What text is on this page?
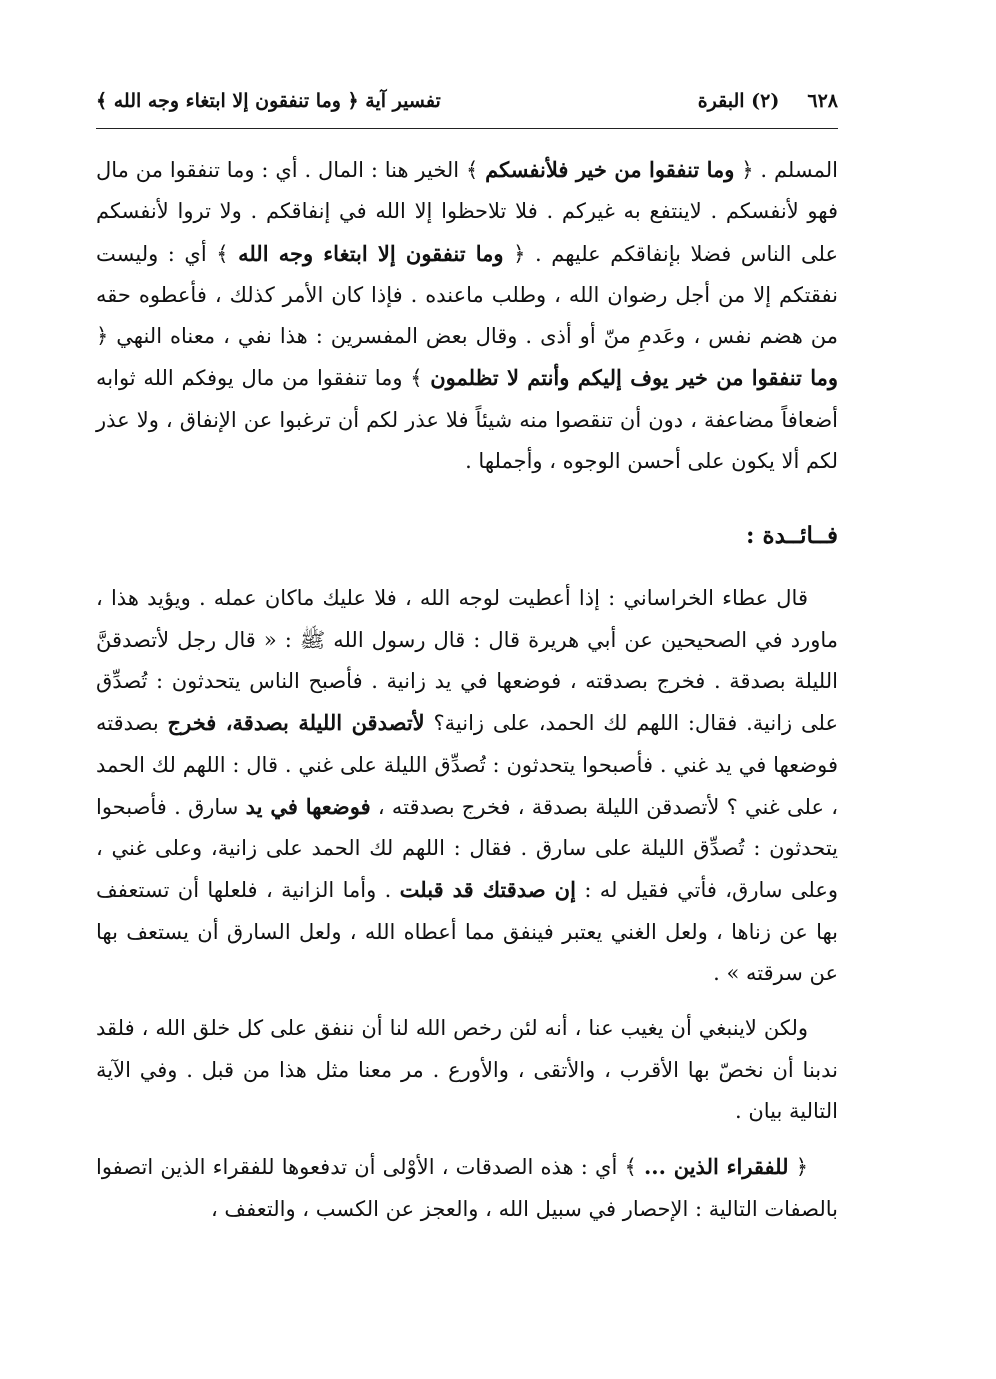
٦٢٨
(٢) البقرة
تفسير آية ﴿ وما تنفقون إلا ابتغاء وجه الله ﴾

المسلم . ﴿ وما تنفقوا من خير فلأنفسكم ﴾ الخير هنا : المال . أي : وما تنفقوا من مال فهو لأنفسكم . لاينتفع به غيركم . فلا تلاحظوا إلا الله في إنفاقكم . ولا تروا لأنفسكم على الناس فضلا بإنفاقكم عليهم . ﴿ وما تنفقون إلا ابتغاء وجه الله ﴾ أي : وليست نفقتكم إلا من أجل رضوان الله ، وطلب ماعنده . فإذا كان الأمر كذلك ، فأعطوه حقه من هضم نفس ، وعَدمِ منّ أو أذى . وقال بعض المفسرين : هذا نفي ، معناه النهي ﴿ وما تنفقوا من خير يوف إليكم وأنتم لا تظلمون ﴾ وما تنفقوا من مال يوفكم الله ثوابه أضعافاً مضاعفة ، دون أن تنقصوا منه شيئاً فلا عذر لكم أن ترغبوا عن الإنفاق ، ولا عذر لكم ألا يكون على أحسن الوجوه ، وأجملها .

فــائــدة :

قال عطاء الخراساني : إذا أعطيت لوجه الله ، فلا عليك ماكان عمله . ويؤيد هذا ، ماورد في الصحيحين عن أبي هريرة قال : قال رسول الله ﷺ : « قال رجل لأتصدقنَّ الليلة بصدقة . فخرج بصدقته ، فوضعها في يد زانية . فأصبح الناس يتحدثون : تُصدِّق على زانية. فقال: اللهم لك الحمد، على زانية؟ لأتصدقن الليلة بصدقة، فخرج بصدقته فوضعها في يد غني . فأصبحوا يتحدثون : تُصدِّق الليلة على غني . قال : اللهم لك الحمد ، على غني ؟ لأتصدقن الليلة بصدقة ، فخرج بصدقته ، فوضعها في يد سارق . فأصبحوا يتحدثون : تُصدِّق الليلة على سارق . فقال : اللهم لك الحمد على زانية، وعلى غني ، وعلى سارق، فأتي فقيل له : إن صدقتك قد قبلت . وأما الزانية ، فلعلها أن تستعفف بها عن زناها ، ولعل الغني يعتبر فينفق مما أعطاه الله ، ولعل السارق أن يستعف بها عن سرقته » .

ولكن لاينبغي أن يغيب عنا ، أنه لئن رخص الله لنا أن ننفق على كل خلق الله ، فلقد ندبنا أن نخصّ بها الأقرب ، والأتقى ، والأورع . مر معنا مثل هذا من قبل . وفي الآية التالية بيان .

﴿ للفقراء الذين ... ﴾ أي : هذه الصدقات ، الأوْلى أن تدفعوها للفقراء الذين اتصفوا بالصفات التالية : الإحصار في سبيل الله ، والعجز عن الكسب ، والتعفف ،
